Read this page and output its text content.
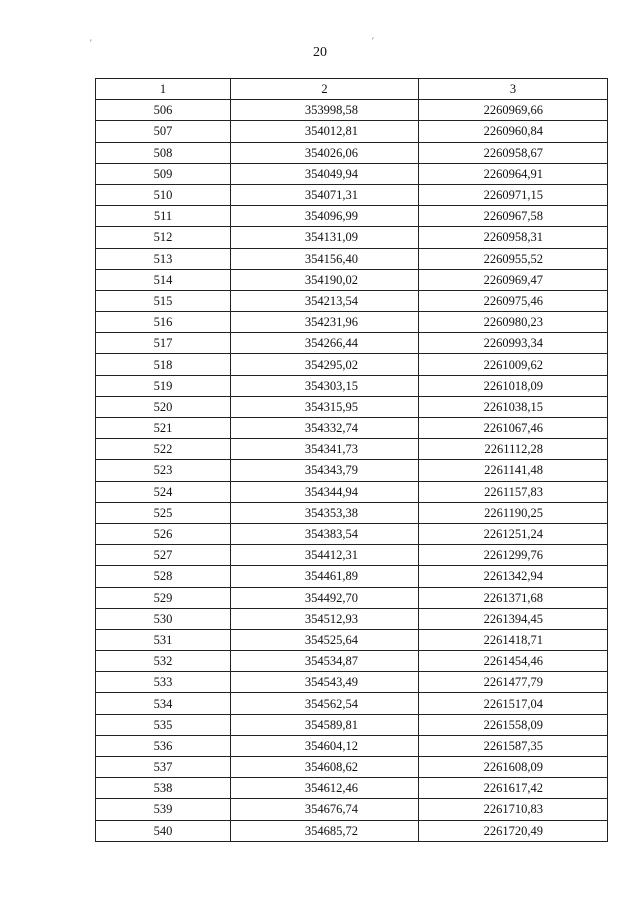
′	′
20
1	2	3
506	353998,58	2260969,66
507	354012,81	2260960,84
508	354026,06	2260958,67
509	354049,94	2260964,91
510	354071,31	2260971,15
511	354096,99	2260967,58
512	354131,09	2260958,31
513	354156,40	2260955,52
514	354190,02	2260969,47
515	354213,54	2260975,46
516	354231,96	2260980,23
517	354266,44	2260993,34
518	354295,02	2261009,62
519	354303,15	2261018,09
520	354315,95	2261038,15
521	354332,74	2261067,46
522	354341,73	2261112,28
523	354343,79	2261141,48
524	354344,94	2261157,83
525	354353,38	2261190,25
526	354383,54	2261251,24
527	354412,31	2261299,76
528	354461,89	2261342,94
529	354492,70	2261371,68
530	354512,93	2261394,45
531	354525,64	2261418,71
532	354534,87	2261454,46
533	354543,49	2261477,79
534	354562,54	2261517,04
535	354589,81	2261558,09
536	354604,12	2261587,35
537	354608,62	2261608,09
538	354612,46	2261617,42
539	354676,74	2261710,83
540	354685,72	2261720,49
